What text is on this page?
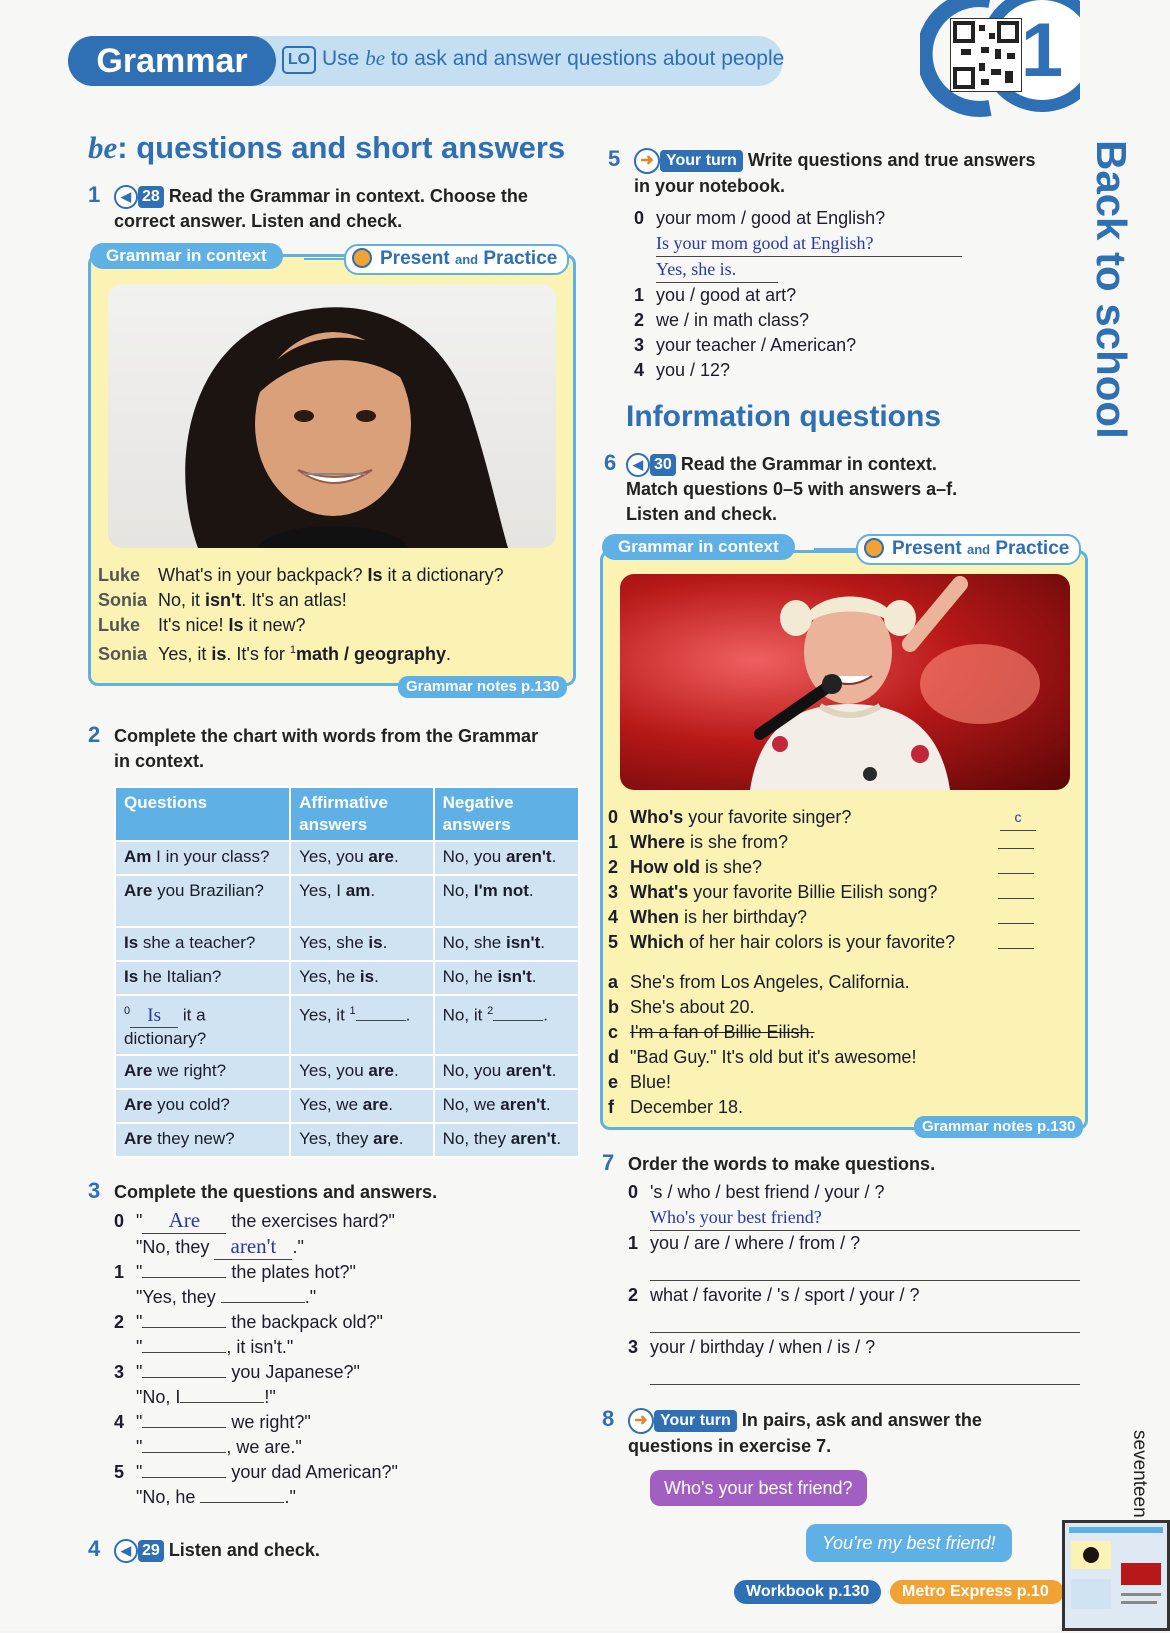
Grammar	LO Use be to ask and answer questions about people	1
Back to school
be: questions and short answers
1 ◀ 28 Read the Grammar in context. Choose the
correct answer. Listen and check.
Grammar in context	Present and Practice
Luke What's in your backpack? Is it a dictionary?
Sonia No, it isn't. It's an atlas!
Luke It's nice! Is it new?
Sonia Yes, it is. It's for $^1$math / geography.
Grammar notes p.130
2 Complete the chart with words from the Grammar
in context.
Questions	Affirmative answers	Negative answers
Am I in your class?	Yes, you are.	No, you aren't.
Are you Brazilian?	Yes, I am.	No, I'm not.
Is she a teacher?	Yes, she is.	No, she isn't.
Is he Italian?	Yes, he is.	No, he isn't.
$^0$ Is it a
dictionary?	Yes, it $^1$ .	No, it $^2$ .
Are we right?	Yes, you are.	No, you aren't.
Are you cold?	Yes, we are.	No, we aren't.
Are they new?	Yes, they are.	No, they aren't.
3 Complete the questions and answers.
0 " Are the exercises hard?"
"No, they aren't ."
1 "	the plates hot?"
"Yes, they	."
2 "	the backpack old?"
"	, it isn't."
3 "	you Japanese?"
"No, I	!"
4 "	we right?"
"	, we are."
5 "	your dad American?"
"No, he	."
4 ◀ 29 Listen and check.
5 ➜ Your turn Write questions and true answers
in your notebook.
0 your mom / good at English?
Is your mom good at English?
Yes, she is.
1 you / good at art?
2 we / in math class?
3 your teacher / American?
4 you / 12?
Information questions
6 ◀ 30 Read the Grammar in context.
Match questions 0–5 with answers a–f.
Listen and check.
Grammar in context	Present and Practice
0 Who's your favorite singer?
1 Where is she from?
2 How old is she?
3 What's your favorite Billie Eilish song?
4 When is her birthday?
5 Which of her hair colors is your favorite?
c
a She's from Los Angeles, California.
b She's about 20.
c I'm a fan of Billie Eilish.
d "Bad Guy." It's old but it's awesome!
e Blue!
f December 18.
Grammar notes p.130
7 Order the words to make questions.
0 's / who / best friend / your / ?
Who's your best friend?
1 you / are / where / from / ?
2 what / favorite / 's / sport / your / ?
3 your / birthday / when / is / ?
8 ➜ Your turn In pairs, ask and answer the
questions in exercise 7.
Who's your best friend?
You're my best friend!
Workbook p.130	Metro Express p.10
seventeen
